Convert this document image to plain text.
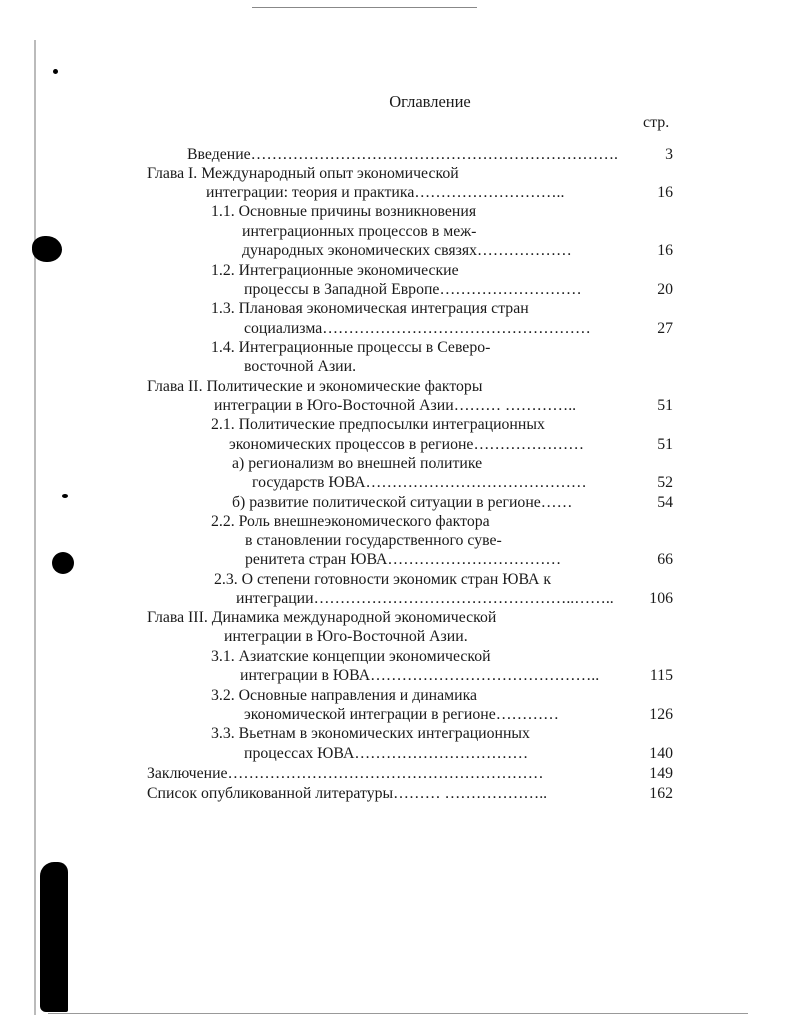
Оглавление
стр.
Введение…………………………………………………………….	3
Глава I. Международный опыт экономической
интеграции: теория и практика………………………..	16
1.1. Основные причины возникновения
интеграционных процессов в меж-
дународных экономических связях………………	16
1.2. Интеграционные экономические
процессы в Западной Европе………………………	20
1.3. Плановая экономическая интеграция стран
социализма……………………………………………	27
1.4. Интеграционные процессы в Северо-
восточной Азии.
Глава II. Политические и экономические факторы
интеграции в Юго-Восточной Азии……… …………..	51
2.1. Политические предпосылки интеграционных
экономических процессов в регионе…………………	51
а) регионализм во внешней политике
государств ЮВА……………………………………	52
б) развитие политической ситуации в регионе……	54
2.2. Роль внешнеэкономического фактора
в становлении государственного суве-
ренитета стран ЮВА……………………………	66
2.3. О степени готовности экономик стран ЮВА к
интеграции…………………………………………..……..	106
Глава III. Динамика международной экономической
интеграции в Юго-Восточной Азии.
3.1. Азиатские концепции экономической
интеграции в ЮВА……………………………………..	115
3.2. Основные направления и динамика
экономической интеграции в регионе…………	126
3.3. Вьетнам в экономических интеграционных
процессах ЮВА……………………………	140
Заключение……………………………………………………	149
Список опубликованной литературы……… ………………..	162
